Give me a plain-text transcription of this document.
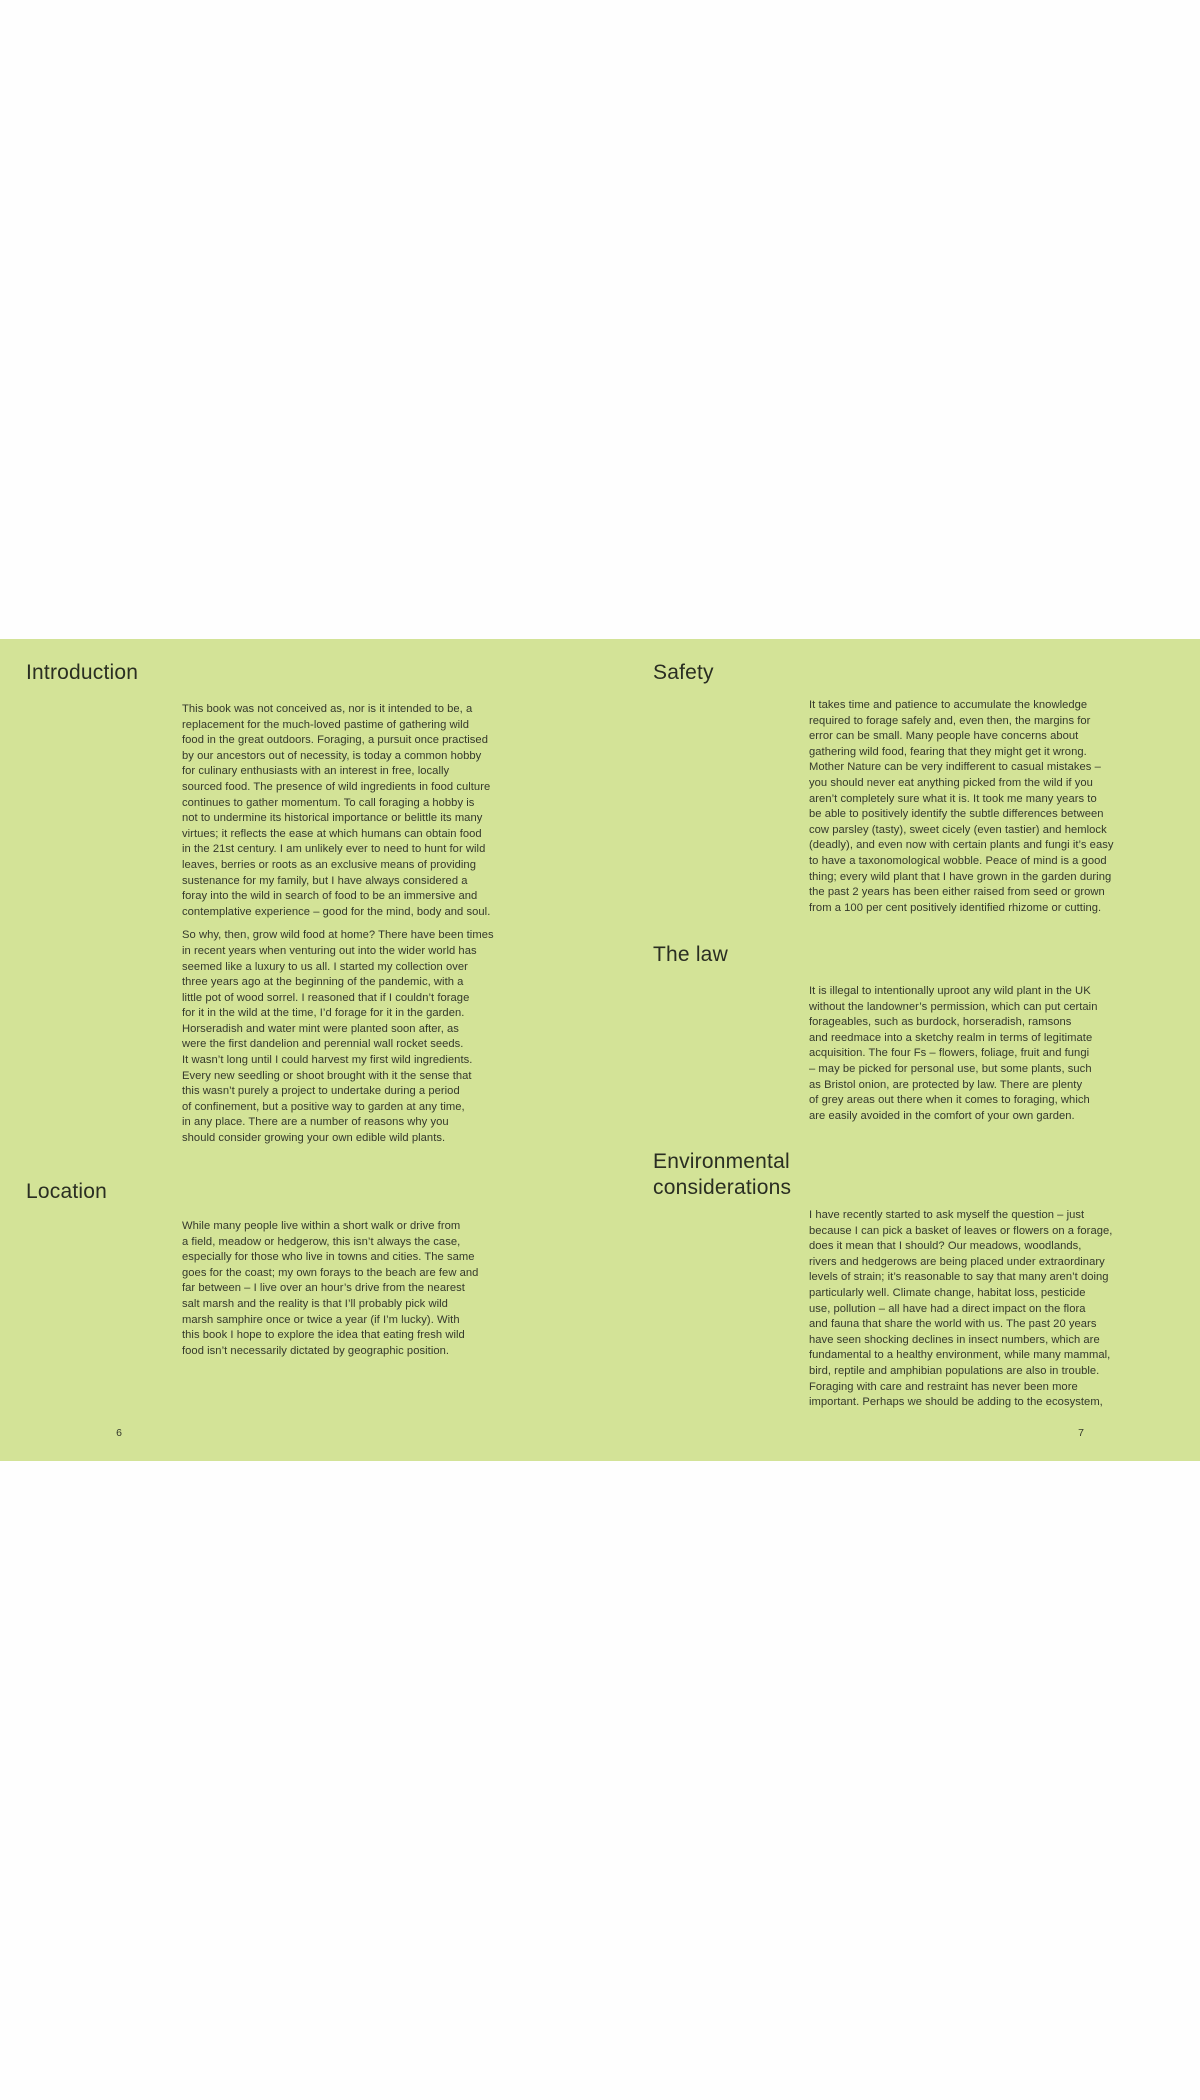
Introduction

This book was not conceived as, nor is it intended to be, a
replacement for the much-loved pastime of gathering wild
food in the great outdoors. Foraging, a pursuit once practised
by our ancestors out of necessity, is today a common hobby
for culinary enthusiasts with an interest in free, locally
sourced food. The presence of wild ingredients in food culture
continues to gather momentum. To call foraging a hobby is
not to undermine its historical importance or belittle its many
virtues; it reflects the ease at which humans can obtain food
in the 21st century. I am unlikely ever to need to hunt for wild
leaves, berries or roots as an exclusive means of providing
sustenance for my family, but I have always considered a
foray into the wild in search of food to be an immersive and
contemplative experience – good for the mind, body and soul.

So why, then, grow wild food at home? There have been times
in recent years when venturing out into the wider world has
seemed like a luxury to us all. I started my collection over
three years ago at the beginning of the pandemic, with a
little pot of wood sorrel. I reasoned that if I couldn’t forage
for it in the wild at the time, I’d forage for it in the garden.
Horseradish and water mint were planted soon after, as
were the first dandelion and perennial wall rocket seeds.
It wasn’t long until I could harvest my first wild ingredients.
Every new seedling or shoot brought with it the sense that
this wasn’t purely a project to undertake during a period
of confinement, but a positive way to garden at any time,
in any place. There are a number of reasons why you
should consider growing your own edible wild plants.

Location

While many people live within a short walk or drive from
a field, meadow or hedgerow, this isn’t always the case,
especially for those who live in towns and cities. The same
goes for the coast; my own forays to the beach are few and
far between – I live over an hour’s drive from the nearest
salt marsh and the reality is that I’ll probably pick wild
marsh samphire once or twice a year (if I’m lucky). With
this book I hope to explore the idea that eating fresh wild
food isn’t necessarily dictated by geographic position.

6
Safety

It takes time and patience to accumulate the knowledge
required to forage safely and, even then, the margins for
error can be small. Many people have concerns about
gathering wild food, fearing that they might get it wrong.
Mother Nature can be very indifferent to casual mistakes –
you should never eat anything picked from the wild if you
aren’t completely sure what it is. It took me many years to
be able to positively identify the subtle differences between
cow parsley (tasty), sweet cicely (even tastier) and hemlock
(deadly), and even now with certain plants and fungi it’s easy
to have a taxonomological wobble. Peace of mind is a good
thing; every wild plant that I have grown in the garden during
the past 2 years has been either raised from seed or grown
from a 100 per cent positively identified rhizome or cutting.

The law

It is illegal to intentionally uproot any wild plant in the UK
without the landowner’s permission, which can put certain
forageables, such as burdock, horseradish, ramsons
and reedmace into a sketchy realm in terms of legitimate
acquisition. The four Fs – flowers, foliage, fruit and fungi
– may be picked for personal use, but some plants, such
as Bristol onion, are protected by law. There are plenty
of grey areas out there when it comes to foraging, which
are easily avoided in the comfort of your own garden.

Environmental
considerations

I have recently started to ask myself the question – just
because I can pick a basket of leaves or flowers on a forage,
does it mean that I should? Our meadows, woodlands,
rivers and hedgerows are being placed under extraordinary
levels of strain; it’s reasonable to say that many aren’t doing
particularly well. Climate change, habitat loss, pesticide
use, pollution – all have had a direct impact on the flora
and fauna that share the world with us. The past 20 years
have seen shocking declines in insect numbers, which are
fundamental to a healthy environment, while many mammal,
bird, reptile and amphibian populations are also in trouble.
Foraging with care and restraint has never been more
important. Perhaps we should be adding to the ecosystem,

7
